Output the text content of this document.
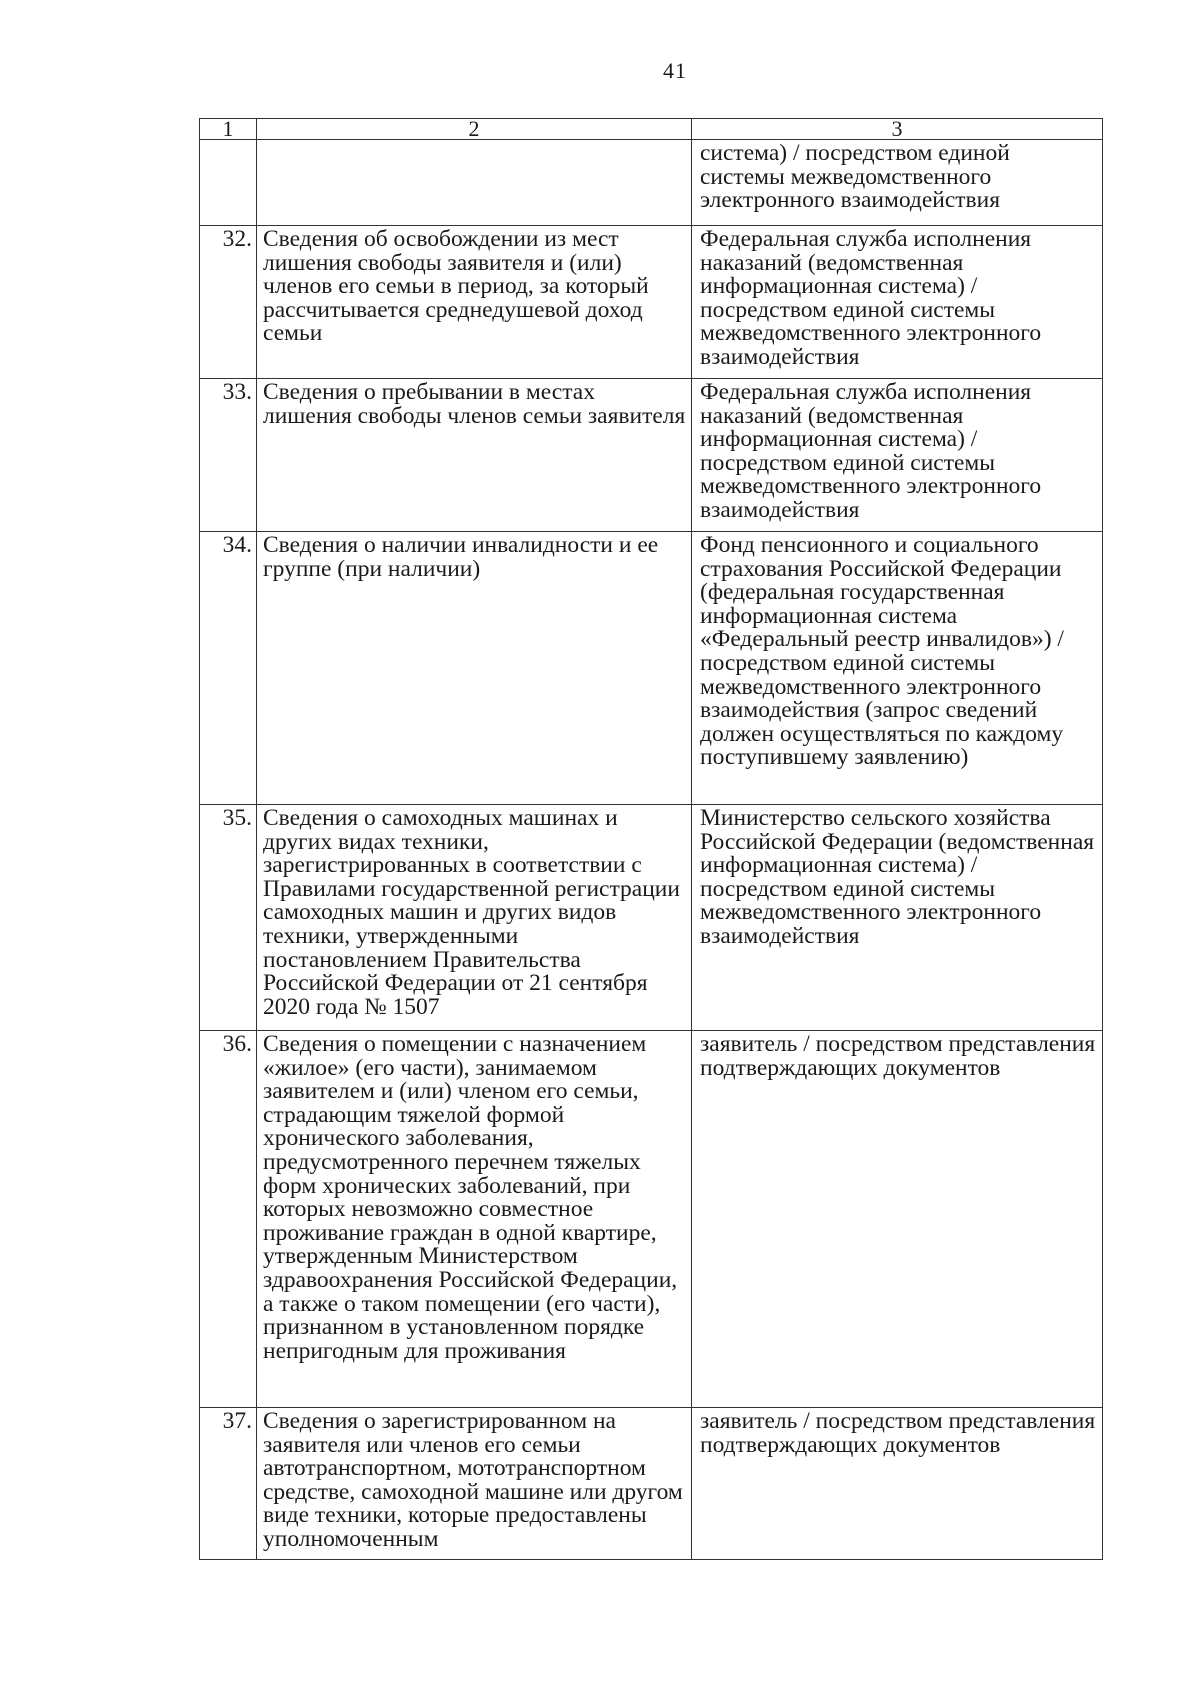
41
1	2	3
		система) / посредством единой системы межведомственного электронного взаимодействия
32.	Сведения об освобождении из мест лишения свободы заявителя и (или) членов его семьи в период, за который рассчитывается среднедушевой доход семьи	Федеральная служба исполнения наказаний (ведомственная информационная система) / посредством единой системы межведомственного электронного взаимодействия
33.	Сведения о пребывании в местах лишения свободы членов семьи заявителя	Федеральная служба исполнения наказаний (ведомственная информационная система) / посредством единой системы межведомственного электронного взаимодействия
34.	Сведения о наличии инвалидности и ее группе (при наличии)	Фонд пенсионного и социального страхования Российской Федерации (федеральная государственная информационная система «Федеральный реестр инвалидов») / посредством единой системы межведомственного электронного взаимодействия (запрос сведений должен осуществляться по каждому поступившему заявлению)
35.	Сведения о самоходных машинах и других видах техники, зарегистрированных в соответствии с Правилами государственной регистрации самоходных машин и других видов техники, утвержденными постановлением Правительства Российской Федерации от 21 сентября 2020 года № 1507	Министерство сельского хозяйства Российской Федерации (ведомственная информационная система) / посредством единой системы межведомственного электронного взаимодействия
36.	Сведения о помещении с назначением «жилое» (его части), занимаемом заявителем и (или) членом его семьи, страдающим тяжелой формой хронического заболевания, предусмотренного перечнем тяжелых форм хронических заболеваний, при которых невозможно совместное проживание граждан в одной квартире, утвержденным Министерством здравоохранения Российской Федерации, а также о таком помещении (его части), признанном в установленном порядке непригодным для проживания	заявитель / посредством представления подтверждающих документов
37.	Сведения о зарегистрированном на заявителя или членов его семьи автотранспортном, мототранспортном средстве, самоходной машине или другом виде техники, которые предоставлены уполномоченным	заявитель / посредством представления подтверждающих документов
